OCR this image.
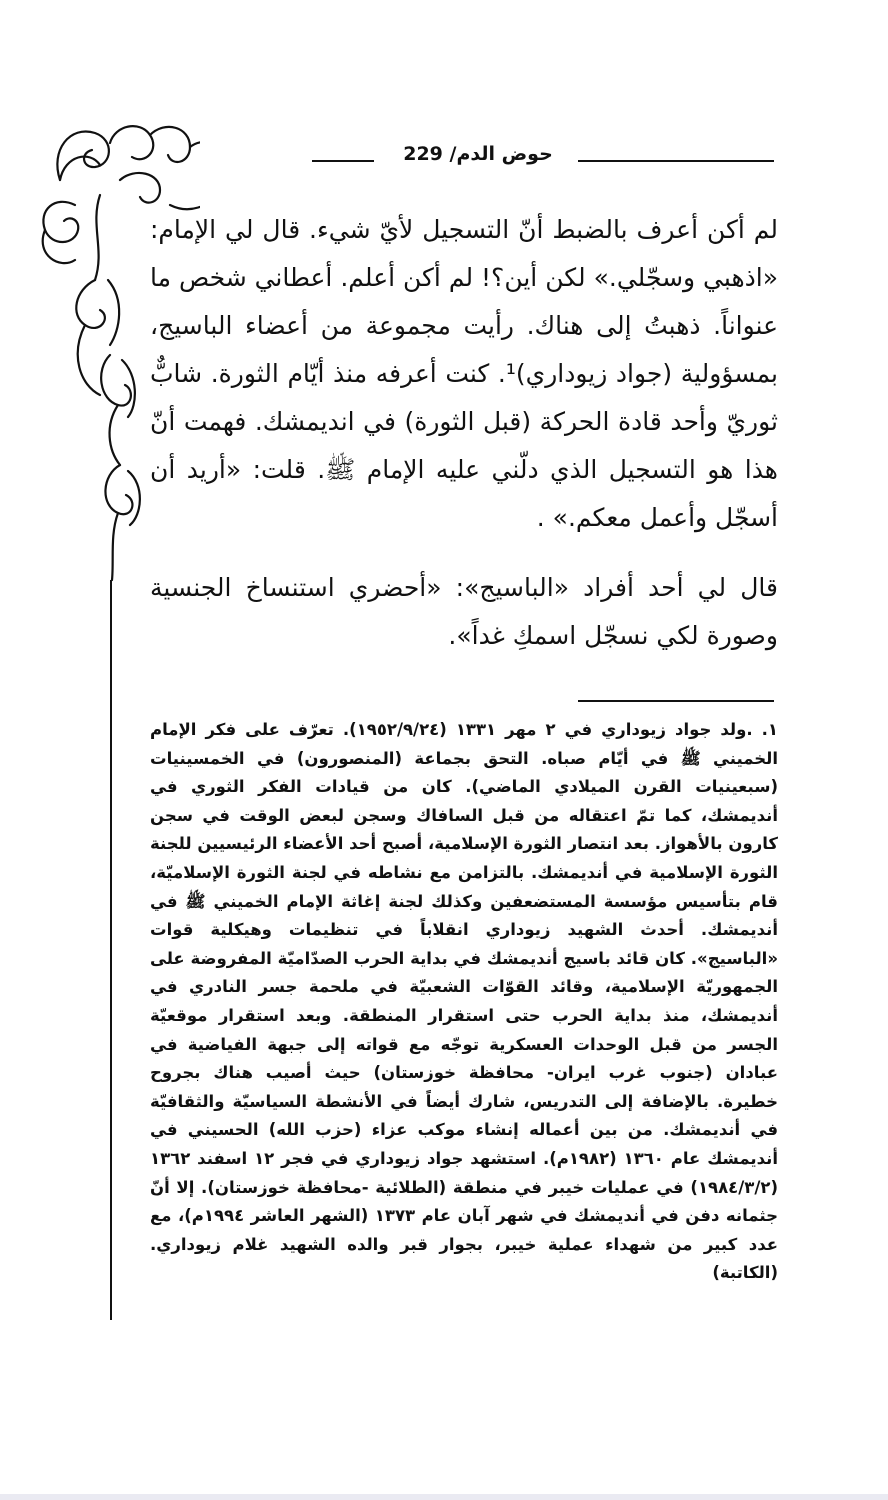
حوض الدم/ 229

لم أكن أعرف بالضبط أنّ التسجيل لأيّ شيء. قال لي الإمام: «اذهبي وسجّلي.» لكن أين؟! لم أكن أعلم. أعطاني شخص ما عنواناً. ذهبتُ إلى هناك. رأيت مجموعة من أعضاء الباسيج، بمسؤولية (جواد زيوداري)¹. كنت أعرفه منذ أيّام الثورة. شابٌّ ثوريّ وأحد قادة الحركة (قبل الثورة) في انديمشك. فهمت أنّ هذا هو التسجيل الذي دلّني عليه الإمام ﷺ. قلت: «أريد أن أسجّل وأعمل معكم.» .

قال لي أحد أفراد «الباسيج»: «أحضري استنساخ الجنسية وصورة لكي نسجّل اسمكِ غداً».

١. .ولد جواد زيوداري في ٢ مهر ١٣٣١ (١٩٥٢/٩/٢٤). تعرّف على فكر الإمام الخميني ﷺ في أيّام صباه. التحق بجماعة (المنصورون) في الخمسينيات (سبعينيات القرن الميلادي الماضي). كان من قيادات الفكر الثوري في أنديمشك، كما تمّ اعتقاله من قبل السافاك وسجن لبعض الوقت في سجن كارون بالأهواز. بعد انتصار الثورة الإسلامية، أصبح أحد الأعضاء الرئيسيين للجنة الثورة الإسلامية في أنديمشك. بالتزامن مع نشاطه في لجنة الثورة الإسلاميّة، قام بتأسيس مؤسسة المستضعفين وكذلك لجنة إغاثة الإمام الخميني ﷺ في أنديمشك. أحدث الشهيد زيوداري انقلاباً في تنظيمات وهيكلية قوات «الباسيج». كان قائد باسيج أنديمشك في بداية الحرب الصدّاميّة المفروضة على الجمهوريّة الإسلامية، وقائد القوّات الشعبيّة في ملحمة جسر النادري في أنديمشك، منذ بداية الحرب حتى استقرار المنطقة. وبعد استقرار موقعيّة الجسر من قبل الوحدات العسكرية توجّه مع قواته إلى جبهة الفياضية في عبادان (جنوب غرب ايران- محافظة خوزستان) حيث أصيب هناك بجروح خطيرة. بالإضافة إلى التدريس، شارك أيضاً في الأنشطة السياسيّة والثقافيّة في أنديمشك. من بين أعماله إنشاء موكب عزاء (حزب الله) الحسيني في أنديمشك عام ١٣٦٠ (١٩٨٢م). استشهد جواد زيوداري في فجر ١٢ اسفند ١٣٦٢ (١٩٨٤/٣/٢) في عمليات خيبر في منطقة (الطلائية -محافظة خوزستان). إلا أنّ جثمانه دفن في أنديمشك في شهر آبان عام ١٣٧٣ (الشهر العاشر ١٩٩٤م)، مع عدد كبير من شهداء عملية خيبر، بجوار قبر والده الشهيد غلام زيوداري. (الكاتبة)
